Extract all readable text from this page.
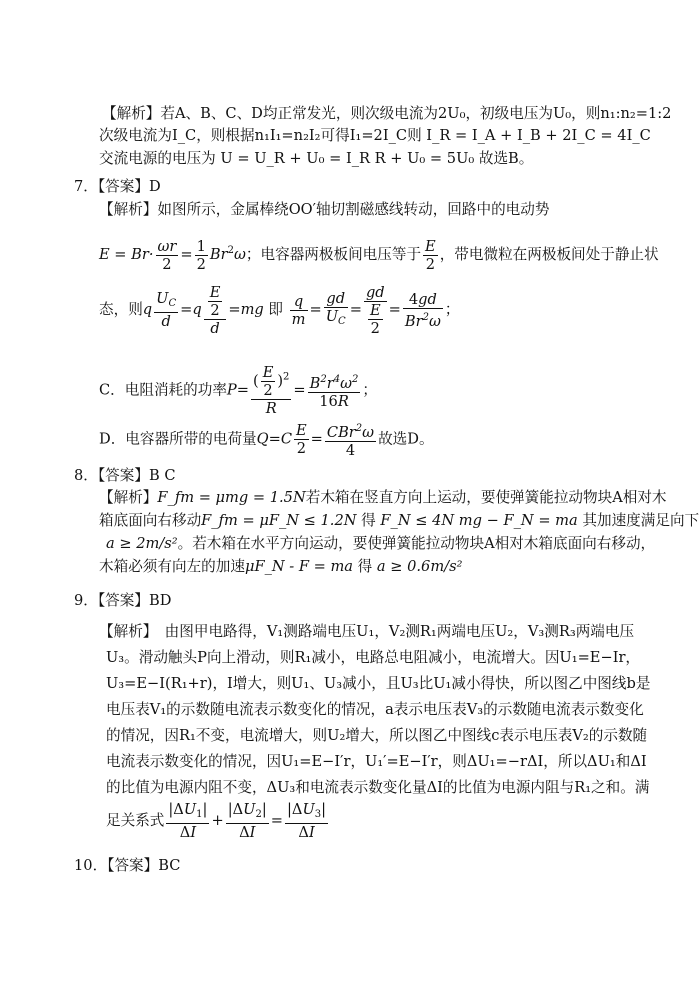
【解析】若A、B、C、D均正常发光，则次级电流为2U₀，初级电压为U₀，则n₁:n₂=1:2
次级电流为I_C，则根据n₁I₁=n₂I₂可得I₁=2I_C则 I_R = I_A + I_B + 2I_C = 4I_C
交流电源的电压为 U = U_R + U₀ = I_R R + U₀ = 5U₀ 故选B。
7．【答案】D
【解析】如图所示，金属棒绕OO′轴切割磁感线转动，回路中的电动势
$E = Br\cdot \frac{\omega r}{2} = \frac{1}{2} Br^2\omega$；电容器两极板间电压等于 $\frac{E}{2}$ ，带电微粒在两极板间处于静止状
态，则q $\frac{U_C}{d} =q \frac{\frac{E}{2}}{d} =mg$ 即 $\frac{q}{m} = \frac{gd}{U_C} = \frac{gd}{\frac{E}{2}} = \frac{4gd}{Br^2\omega}$ ；
C．电阻消耗的功率$P= \frac{( \frac{E}{2} )^2}{R} = \frac{B^2r^4\omega^2}{16R}$ ；
D．电容器所带的电荷量$Q=C \frac{E}{2} = \frac{CBr^2\omega}{4}$ 故选D。
8．【答案】B C
【解析】F_fm = μmg = 1.5N若木箱在竖直方向上运动，要使弹簧能拉动物块A相对木
箱底面向右移动F_fm = μF_N ≤ 1.2N 得 F_N ≤ 4N mg − F_N = ma 其加速度满足向下
a ≥ 2m/s²。若木箱在水平方向运动，要使弹簧能拉动物块A相对木箱底面向右移动，
木箱必须有向左的加速μF_N - F = ma 得 a ≥ 0.6m/s²
9．【答案】BD
【解析】　由图甲电路得，V₁测路端电压U₁，V₂测R₁两端电压U₂，V₃测R₃两端电压
U₃。滑动触头P向上滑动，则R₁减小，电路总电阻减小，电流增大。因U₁=E−Ir，
U₃=E−I(R₁+r)，I增大，则U₁、U₃减小，且U₃比U₁减小得快，所以图乙中图线b是
电压表V₁的示数随电流表示数变化的情况，a表示电压表V₃的示数随电流表示数变化
的情况，因R₁不变，电流增大，则U₂增大，所以图乙中图线c表示电压表V₂的示数随
电流表示数变化的情况，因U₁=E−I′r，U₁′=E−I′r，则ΔU₁=−rΔI，所以ΔU₁和ΔI
的比值为电源内阻不变，ΔU₃和电流表示数变化量ΔI的比值为电源内阻与R₁之和。满
足关系式 $\frac{|\Delta U_1|}{\Delta I} + \frac{|\Delta U_2|}{\Delta I} = \frac{|\Delta U_3|}{\Delta I}$
10．【答案】BC
